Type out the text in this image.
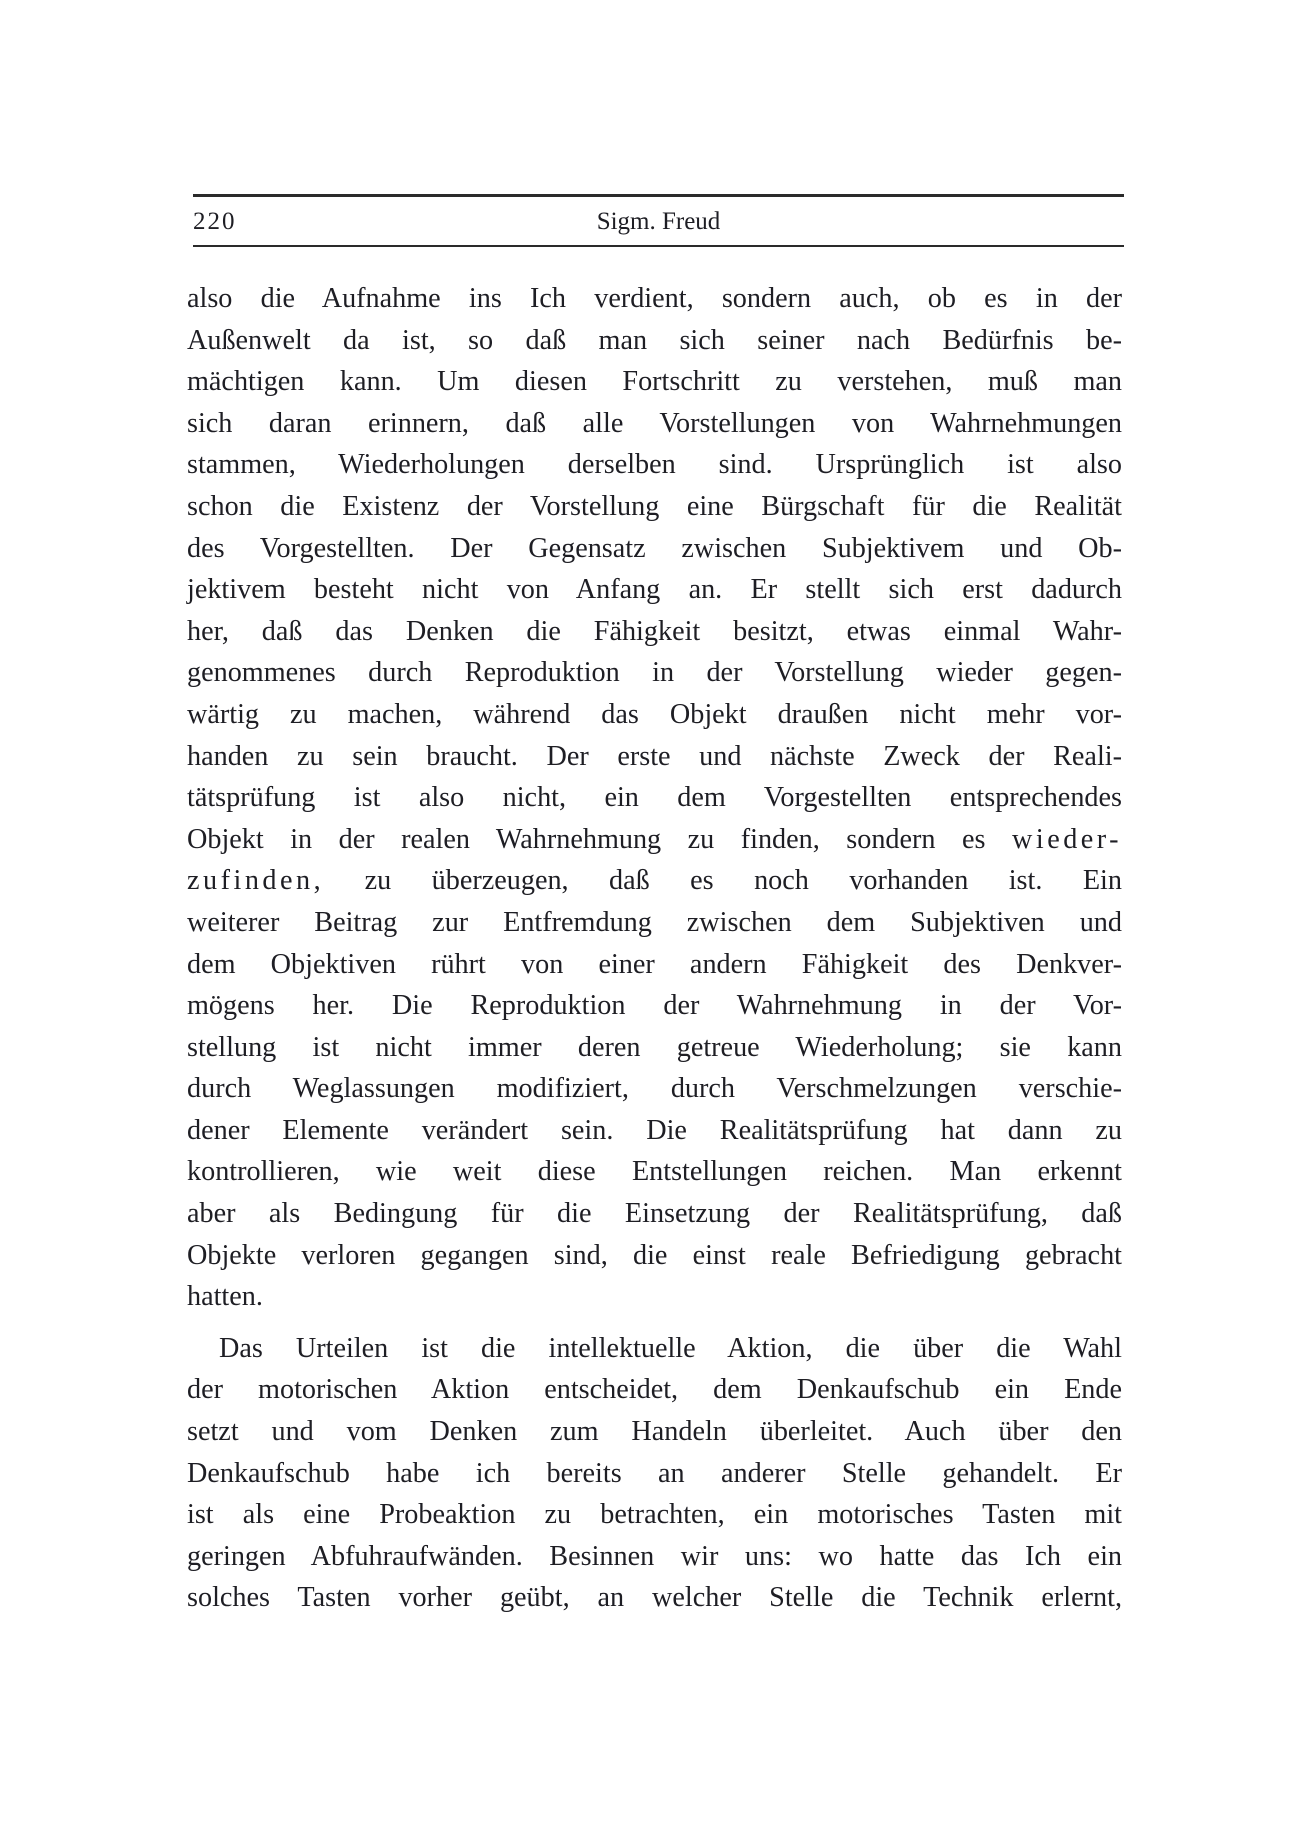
220	Sigm. Freud
also die Aufnahme ins Ich verdient, sondern auch, ob es in der
Außenwelt da ist, so daß man sich seiner nach Bedürfnis be-
mächtigen kann. Um diesen Fortschritt zu verstehen, muß man
sich daran erinnern, daß alle Vorstellungen von Wahrnehmungen
stammen, Wiederholungen derselben sind. Ursprünglich ist also
schon die Existenz der Vorstellung eine Bürgschaft für die Realität
des Vorgestellten. Der Gegensatz zwischen Subjektivem und Ob-
jektivem besteht nicht von Anfang an. Er stellt sich erst dadurch
her, daß das Denken die Fähigkeit besitzt, etwas einmal Wahr-
genommenes durch Reproduktion in der Vorstellung wieder gegen-
wärtig zu machen, während das Objekt draußen nicht mehr vor-
handen zu sein braucht. Der erste und nächste Zweck der Reali-
tätsprüfung ist also nicht, ein dem Vorgestellten entsprechendes
Objekt in der realen Wahrnehmung zu finden, sondern es wieder-
zufinden, zu überzeugen, daß es noch vorhanden ist. Ein
weiterer Beitrag zur Entfremdung zwischen dem Subjektiven und
dem Objektiven rührt von einer andern Fähigkeit des Denkver-
mögens her. Die Reproduktion der Wahrnehmung in der Vor-
stellung ist nicht immer deren getreue Wiederholung; sie kann
durch Weglassungen modifiziert, durch Verschmelzungen verschie-
dener Elemente verändert sein. Die Realitätsprüfung hat dann zu
kontrollieren, wie weit diese Entstellungen reichen. Man erkennt
aber als Bedingung für die Einsetzung der Realitätsprüfung, daß
Objekte verloren gegangen sind, die einst reale Befriedigung gebracht
hatten.
Das Urteilen ist die intellektuelle Aktion, die über die Wahl
der motorischen Aktion entscheidet, dem Denkaufschub ein Ende
setzt und vom Denken zum Handeln überleitet. Auch über den
Denkaufschub habe ich bereits an anderer Stelle gehandelt. Er
ist als eine Probeaktion zu betrachten, ein motorisches Tasten mit
geringen Abfuhraufwänden. Besinnen wir uns: wo hatte das Ich ein
solches Tasten vorher geübt, an welcher Stelle die Technik erlernt,
